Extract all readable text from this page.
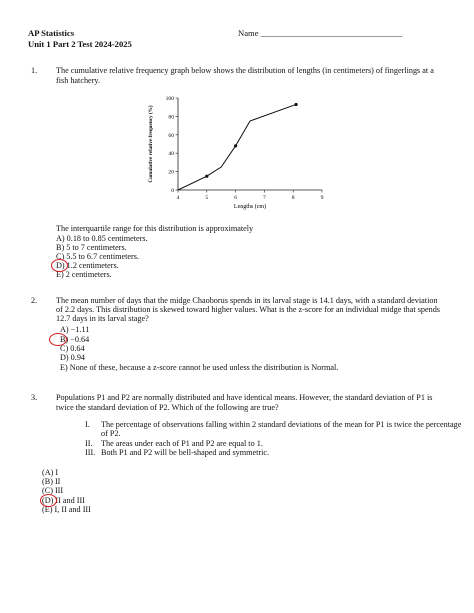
AP Statistics
Unit 1 Part 2 Test 2024-2025
Name _________________________________
1. The cumulative relative frequency graph below shows the distribution of lengths (in centimeters) of fingerlings at a
fish hatchery.
4	5	6	7	8	9
0
20
40
60
80
100
Lengths (cm)
Cumulative relative frequency (%)
The interquartile range for this distribution is approximately
A) 0.18 to 0.85 centimeters.
B) 5 to 7 centimeters.
C) 5.5 to 6.7 centimeters.
D) 1.2 centimeters.
E) 2 centimeters.
2. The mean number of days that the midge Chaoborus spends in its larval stage is 14.1 days, with a standard deviation
of 2.2 days. This distribution is skewed toward higher values. What is the z-score for an individual midge that spends
12.7 days in its larval stage?
A) −1.11
B) −0.64
C) 0.64
D) 0.94
E) None of these, because a z-score cannot be used unless the distribution is Normal.
3. Populations P1 and P2 are normally distributed and have identical means. However, the standard deviation of P1 is
twice the standard deviation of P2. Which of the following are true?
I. The percentage of observations falling within 2 standard deviations of the mean for P1 is twice the percentage
of P2.
II. The areas under each of P1 and P2 are equal to 1.
III. Both P1 and P2 will be bell-shaped and symmetric.
(A) I
(B) II
(C) III
(D) II and III
(E) I, II and III
